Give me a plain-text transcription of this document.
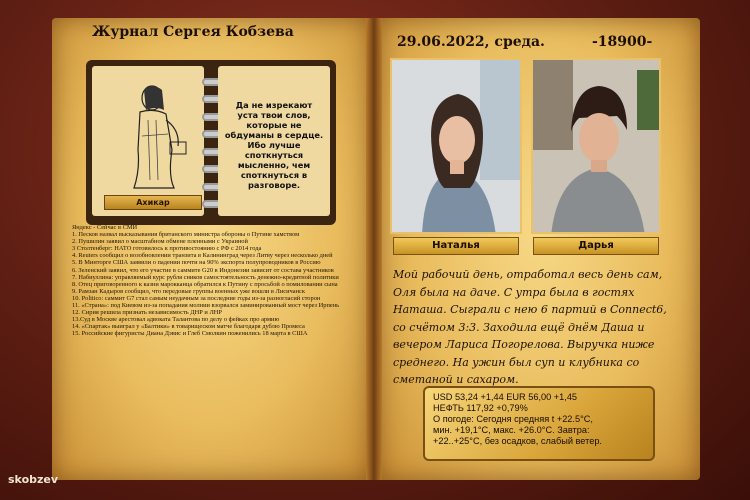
Журнал Сергея Кобзева
29.06.2022, среда.	-18900-
Ахикар
Да не изрекают уста твои слов, которые не обдуманы в сердце. Ибо лучше споткнуться мысленно, чем споткнуться в разговоре.
Яндекс - Сейчас в СМИ
1. Песков назвал высказывания британского министра обороны о Путине хамством
2. Пушилин заявил о масштабном обмене пленными с Украиной
3 Столтенберг: НАТО готовилось к противостоянию с РФ с 2014 года
4. Reuters сообщил о возобновлении транзита в Калининград через Литву через несколько дней
5. В Минторге США заявили о падении почти на 90% экспорта полупроводников в Россию
6. Зеленский заявил, что его участие в саммите G20 в Индонезии зависит от состава участников
7. Набиуллина: управляемый курс рубля сников самостоятельность денежно-кредитной политики
8. Отец приговоренного к казни марокканца обратился к Путину с просьбой о помиловании сына
9. Рамзан Кадыров сообщил, что передовые группы военных уже вошли в Лисичанск
10. Politico: саммит G7 стал самым неудачным за последние годы из-за разногласий сторон
11. «Страна»: под Киевом из-за попадания молнии взорвался заминированный мост через Ирпень
12. Сирия решила признать независимость ДНР и ЛНР
13.Суд в Москве арестовал адвоката Талантова по делу о фейках про армию
14. «Спартак» выиграл у «Балтики» в товарищеском матче благодаря дублю Промеса
15. Российские фигуристы Диана Дэвис и Глеб Смолкин поженились 18 марта в США
Наталья	Дарья
Мой рабочий день, отработал весь день сам, Оля была на даче. С утра была в гостях Наташа. Сыграли с нею 6 партий в Connect6, со счётом 3:3. Заходила ещё днём Даша и вечером Лариса Погорелова. Выручка ниже среднего. На ужин был суп и клубника со сметаной и сахаром.
USD 53,24 +1,44 EUR 56,00 +1,45
НЕФТЬ 117,92 +0,79%
О погоде: Сегодня средняя t +22.5°C,
мин. +19,1°C, макс. +26.0°C. Завтра:
+22..+25°C, без осадков, слабый ветер.
skobzev
